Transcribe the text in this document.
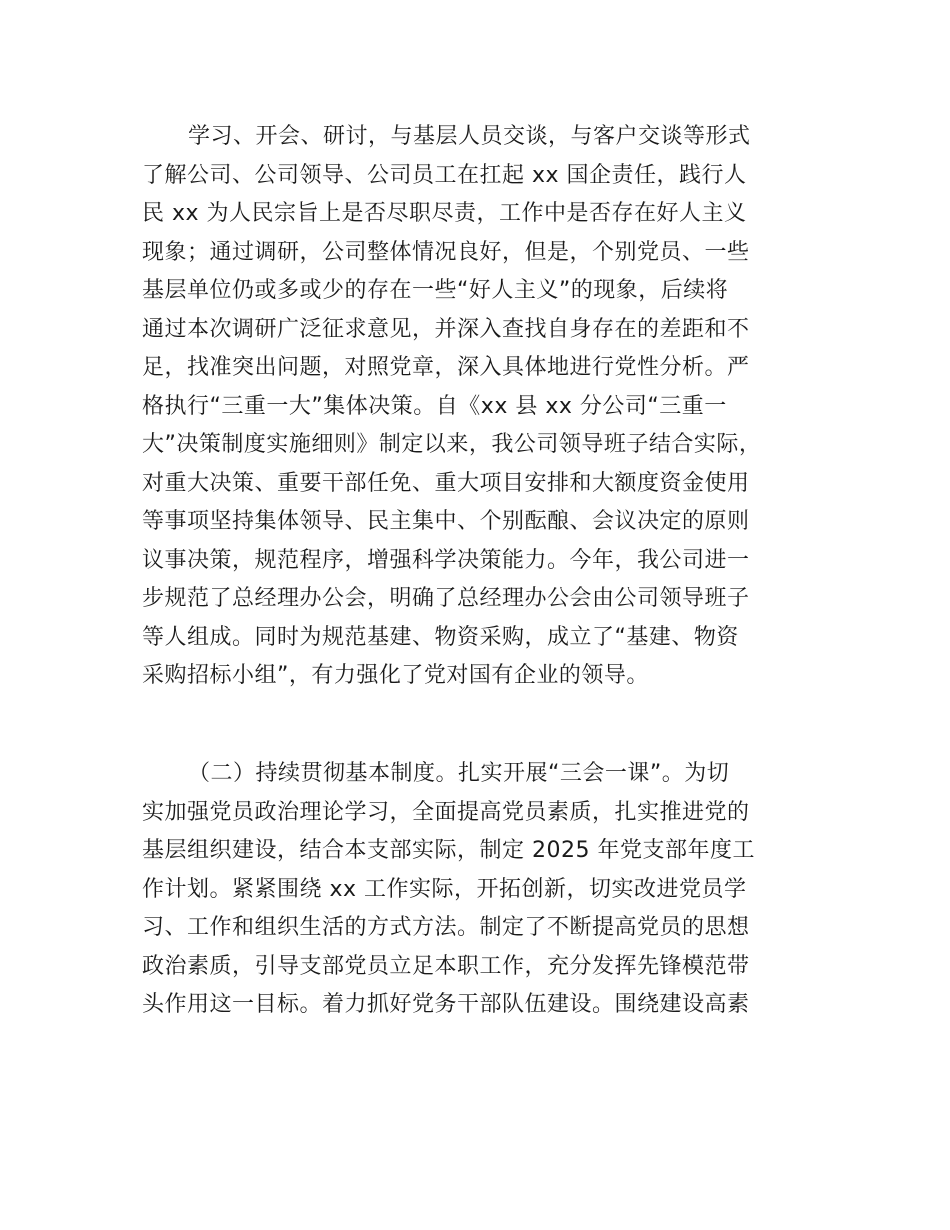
学习、开会、研讨，与基层人员交谈，与客户交谈等形式
了解公司、公司领导、公司员工在扛起 xx 国企责任，践行人
民 xx 为人民宗旨上是否尽职尽责，工作中是否存在好人主义
现象；通过调研，公司整体情况良好，但是，个别党员、一些
基层单位仍或多或少的存在一些“好人主义”的现象，后续将
通过本次调研广泛征求意见，并深入查找自身存在的差距和不
足，找准突出问题，对照党章，深入具体地进行党性分析。严
格执行“三重一大”集体决策。自《xx 县 xx 分公司“三重一
大”决策制度实施细则》制定以来，我公司领导班子结合实际，
对重大决策、重要干部任免、重大项目安排和大额度资金使用
等事项坚持集体领导、民主集中、个别酝酿、会议决定的原则
议事决策，规范程序，增强科学决策能力。今年，我公司进一
步规范了总经理办公会，明确了总经理办公会由公司领导班子
等人组成。同时为规范基建、物资采购，成立了“基建、物资
采购招标小组”，有力强化了党对国有企业的领导。
（二）持续贯彻基本制度。扎实开展“三会一课”。为切
实加强党员政治理论学习，全面提高党员素质，扎实推进党的
基层组织建设，结合本支部实际，制定 2025 年党支部年度工
作计划。紧紧围绕 xx 工作实际，开拓创新，切实改进党员学
习、工作和组织生活的方式方法。制定了不断提高党员的思想
政治素质，引导支部党员立足本职工作，充分发挥先锋模范带
头作用这一目标。着力抓好党务干部队伍建设。围绕建设高素
